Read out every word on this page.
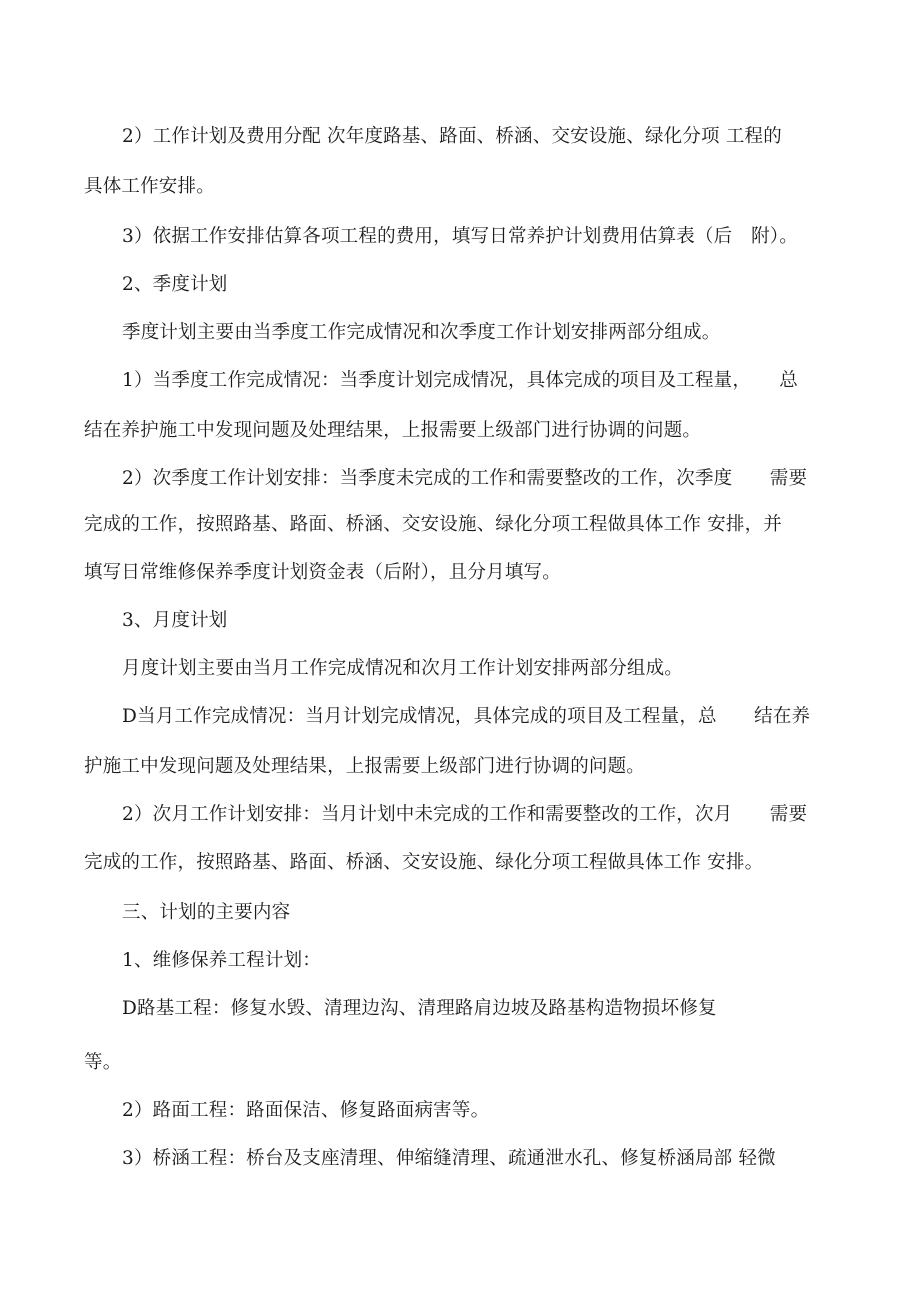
2）工作计划及费用分配 次年度路基、路面、桥涵、交安设施、绿化分项 工程的

具体工作安排。

3）依据工作安排估算各项工程的费用，填写日常养护计划费用估算表（后　附）。

2、季度计划

季度计划主要由当季度工作完成情况和次季度工作计划安排两部分组成。

1）当季度工作完成情况：当季度计划完成情况，具体完成的项目及工程量，　　总

结在养护施工中发现问题及处理结果，上报需要上级部门进行协调的问题。

2）次季度工作计划安排：当季度未完成的工作和需要整改的工作，次季度　　需要

完成的工作，按照路基、路面、桥涵、交安设施、绿化分项工程做具体工作 安排，并

填写日常维修保养季度计划资金表（后附），且分月填写。

3、月度计划

月度计划主要由当月工作完成情况和次月工作计划安排两部分组成。

D当月工作完成情况：当月计划完成情况，具体完成的项目及工程量，总　　结在养

护施工中发现问题及处理结果，上报需要上级部门进行协调的问题。

2）次月工作计划安排：当月计划中未完成的工作和需要整改的工作，次月　　需要

完成的工作，按照路基、路面、桥涵、交安设施、绿化分项工程做具体工作 安排。

三、计划的主要内容

1、维修保养工程计划：

D路基工程：修复水毁、清理边沟、清理路肩边坡及路基构造物损坏修复

等。

2）路面工程：路面保洁、修复路面病害等。

3）桥涵工程：桥台及支座清理、伸缩缝清理、疏通泄水孔、修复桥涵局部 轻微
